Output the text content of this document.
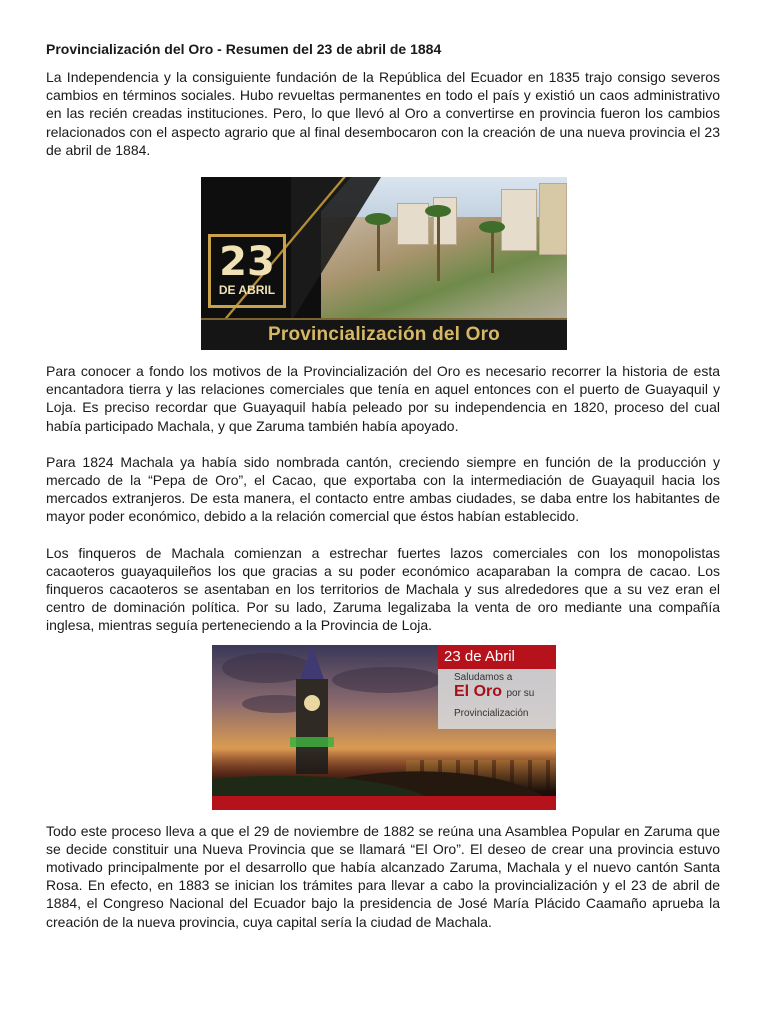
Provincialización del Oro - Resumen del 23 de abril de 1884

La Independencia y la consiguiente fundación de la República del Ecuador en 1835 trajo consigo severos cambios en términos sociales. Hubo revueltas permanentes en todo el país y existió un caos administrativo en las recién creadas instituciones. Pero, lo que llevó al Oro a convertirse en provincia fueron los cambios relacionados con el aspecto agrario que al final desembocaron con la creación de una nueva provincia el 23 de abril de 1884.

23
DE ABRIL
Provincialización del Oro

Para conocer a fondo los motivos de la Provincialización del Oro es necesario recorrer la historia de esta encantadora tierra y las relaciones comerciales que tenía en aquel entonces con el puerto de Guayaquil y Loja. Es preciso recordar que Guayaquil había peleado por su independencia en 1820, proceso del cual había participado Machala, y que Zaruma también había apoyado.

Para 1824 Machala ya había sido nombrada cantón, creciendo siempre en función de la producción y mercado de la “Pepa de Oro”, el Cacao, que exportaba con la intermediación de Guayaquil hacia los mercados extranjeros. De esta manera, el contacto entre ambas ciudades, se daba entre los habitantes de mayor poder económico, debido a la relación comercial que éstos habían establecido.

Los finqueros de Machala comienzan a estrechar fuertes lazos comerciales con los monopolistas cacaoteros guayaquileños los que gracias a su poder económico acaparaban la compra de cacao. Los finqueros cacaoteros se asentaban en los territorios de Machala y sus alrededores que a su vez eran el centro de dominación política. Por su lado, Zaruma legalizaba la venta de oro mediante una compañía inglesa, mientras seguía perteneciendo a la Provincia de Loja.

23 de Abril
Saludamos a
El Oro por su
Provincialización

Todo este proceso lleva a que el 29 de noviembre de 1882 se reúna una Asamblea Popular en Zaruma que se decide constituir una Nueva Provincia que se llamará “El Oro”. El deseo de crear una provincia estuvo motivado principalmente por el desarrollo que había alcanzado Zaruma, Machala y el nuevo cantón Santa Rosa. En efecto, en 1883 se inician los trámites para llevar a cabo la provincialización y el 23 de abril de 1884, el Congreso Nacional del Ecuador bajo la presidencia de José María Plácido Caamaño aprueba la creación de la nueva provincia, cuya capital sería la ciudad de Machala.
